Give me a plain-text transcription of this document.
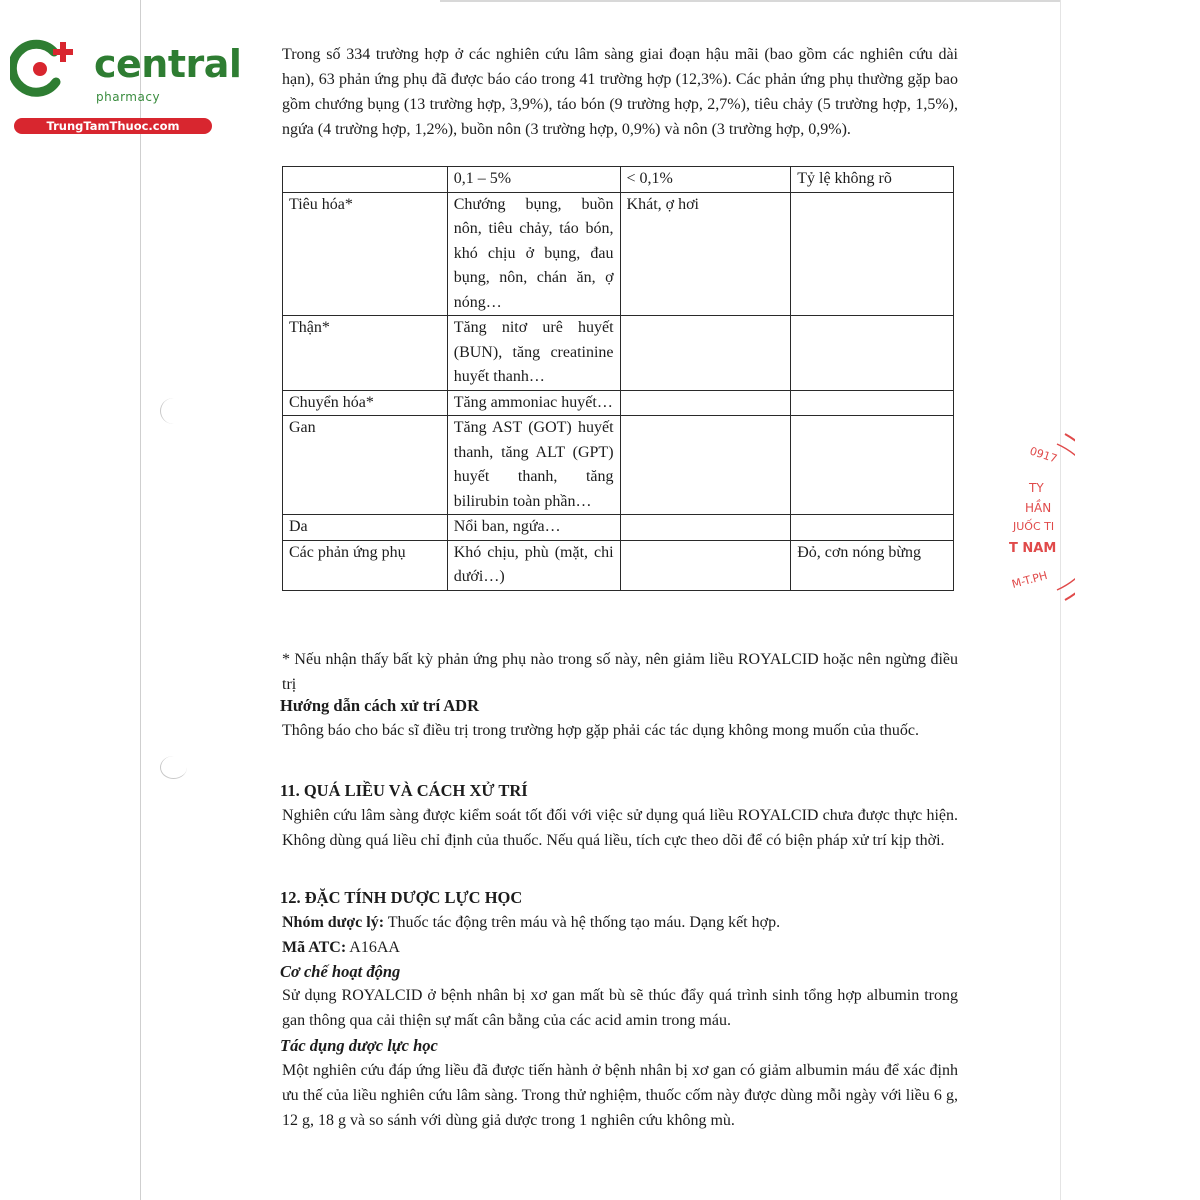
central
pharmacy
TrungTamThuoc.com
0917
TY
HẦN
JUỐC TI
T NAM
M-T.PH

Trong số 334 trường hợp ở các nghiên cứu lâm sàng giai đoạn hậu mãi (bao gồm các nghiên cứu dài hạn), 63 phản ứng phụ đã được báo cáo trong 41 trường hợp (12,3%). Các phản ứng phụ thường gặp bao gồm chướng bụng (13 trường hợp, 3,9%), táo bón (9 trường hợp, 2,7%), tiêu chảy (5 trường hợp, 1,5%), ngứa (4 trường hợp, 1,2%), buồn nôn (3 trường hợp, 0,9%) và nôn (3 trường hợp, 0,9%).

	0,1 – 5%	< 0,1%	Tỷ lệ không rõ
Tiêu hóa*	Chướng bụng, buồn nôn, tiêu chảy, táo bón, khó chịu ở bụng, đau bụng, nôn, chán ăn, ợ nóng…	Khát, ợ hơi	
Thận*	Tăng nitơ urê huyết (BUN), tăng creatinine huyết thanh…		
Chuyển hóa*	Tăng ammoniac huyết…		
Gan	Tăng AST (GOT) huyết thanh, tăng ALT (GPT) huyết thanh, tăng bilirubin toàn phần…		
Da	Nổi ban, ngứa…		
Các phản ứng phụ	Khó chịu, phù (mặt, chi dưới…)		Đỏ, cơn nóng bừng

* Nếu nhận thấy bất kỳ phản ứng phụ nào trong số này, nên giảm liều ROYALCID hoặc nên ngừng điều trị

Hướng dẫn cách xử trí ADR

Thông báo cho bác sĩ điều trị trong trường hợp gặp phải các tác dụng không mong muốn của thuốc.

11. QUÁ LIỀU VÀ CÁCH XỬ TRÍ

Nghiên cứu lâm sàng được kiểm soát tốt đối với việc sử dụng quá liều ROYALCID chưa được thực hiện. Không dùng quá liều chỉ định của thuốc. Nếu quá liều, tích cực theo dõi để có biện pháp xử trí kịp thời.

12. ĐẶC TÍNH DƯỢC LỰC HỌC

Nhóm dược lý: Thuốc tác động trên máu và hệ thống tạo máu. Dạng kết hợp.

Mã ATC: A16AA

Cơ chế hoạt động

Sử dụng ROYALCID ở bệnh nhân bị xơ gan mất bù sẽ thúc đẩy quá trình sinh tổng hợp albumin trong gan thông qua cải thiện sự mất cân bằng của các acid amin trong máu.

Tác dụng dược lực học

Một nghiên cứu đáp ứng liều đã được tiến hành ở bệnh nhân bị xơ gan có giảm albumin máu để xác định ưu thế của liều nghiên cứu lâm sàng. Trong thử nghiệm, thuốc cốm này được dùng mỗi ngày với liều 6 g, 12 g, 18 g và so sánh với dùng giả dược trong 1 nghiên cứu không mù.
